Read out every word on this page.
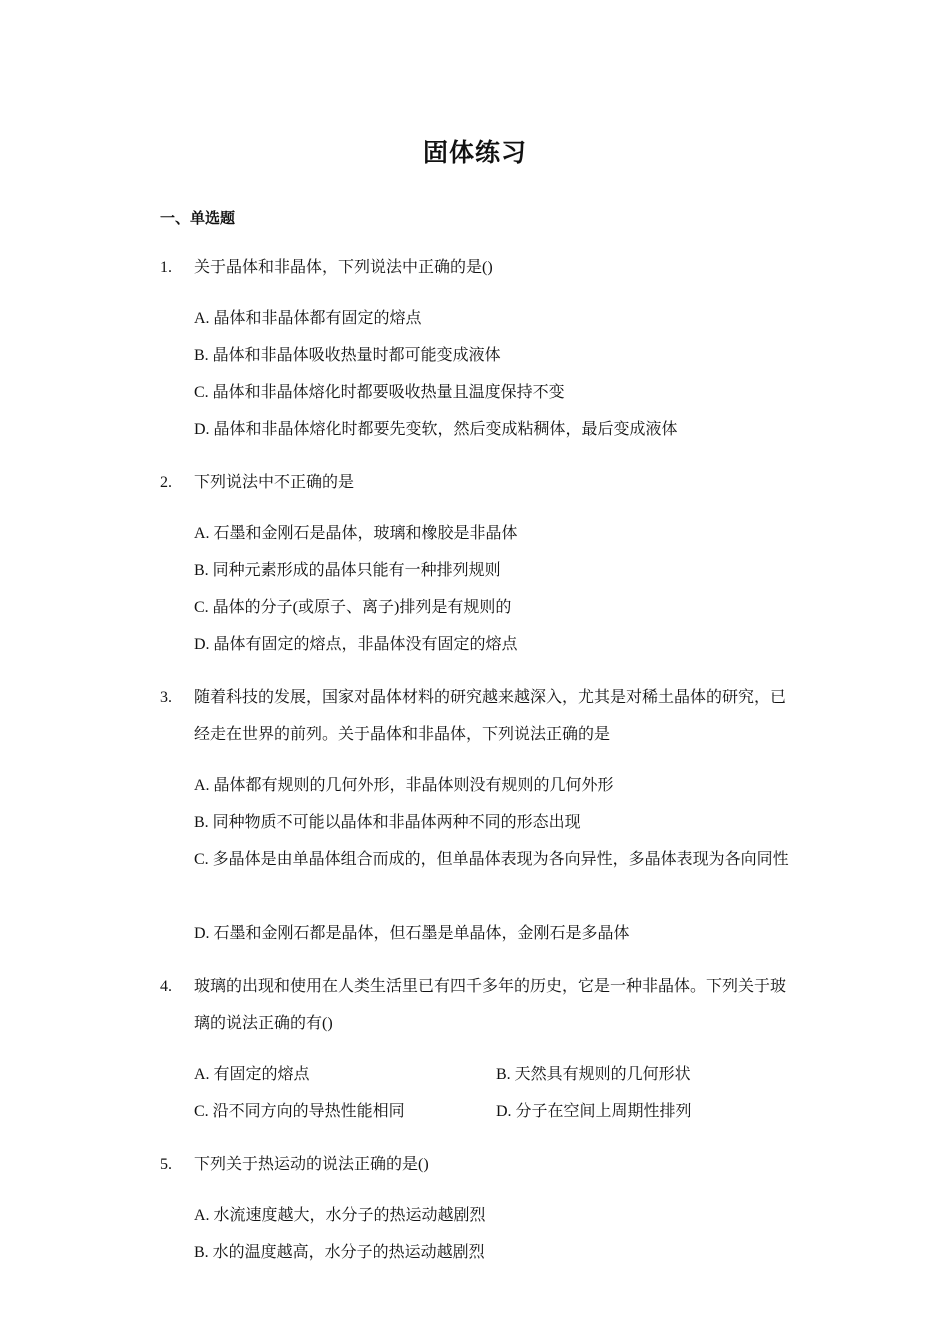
固体练习
一、单选题
1. 关于晶体和非晶体，下列说法中正确的是()
A. 晶体和非晶体都有固定的熔点
B. 晶体和非晶体吸收热量时都可能变成液体
C. 晶体和非晶体熔化时都要吸收热量且温度保持不变
D. 晶体和非晶体熔化时都要先变软，然后变成粘稠体，最后变成液体
2. 下列说法中不正确的是
A. 石墨和金刚石是晶体，玻璃和橡胶是非晶体
B. 同种元素形成的晶体只能有一种排列规则
C. 晶体的分子(或原子、离子)排列是有规则的
D. 晶体有固定的熔点，非晶体没有固定的熔点
3. 随着科技的发展，国家对晶体材料的研究越来越深入，尤其是对稀土晶体的研究，已经走在世界的前列。关于晶体和非晶体，下列说法正确的是
A. 晶体都有规则的几何外形，非晶体则没有规则的几何外形
B. 同种物质不可能以晶体和非晶体两种不同的形态出现
C. 多晶体是由单晶体组合而成的，但单晶体表现为各向异性，多晶体表现为各向同性
D. 石墨和金刚石都是晶体，但石墨是单晶体，金刚石是多晶体
4. 玻璃的出现和使用在人类生活里已有四千多年的历史，它是一种非晶体。下列关于玻璃的说法正确的有()
A. 有固定的熔点	B. 天然具有规则的几何形状
C. 沿不同方向的导热性能相同	D. 分子在空间上周期性排列
5. 下列关于热运动的说法正确的是()
A. 水流速度越大，水分子的热运动越剧烈
B. 水的温度越高，水分子的热运动越剧烈
